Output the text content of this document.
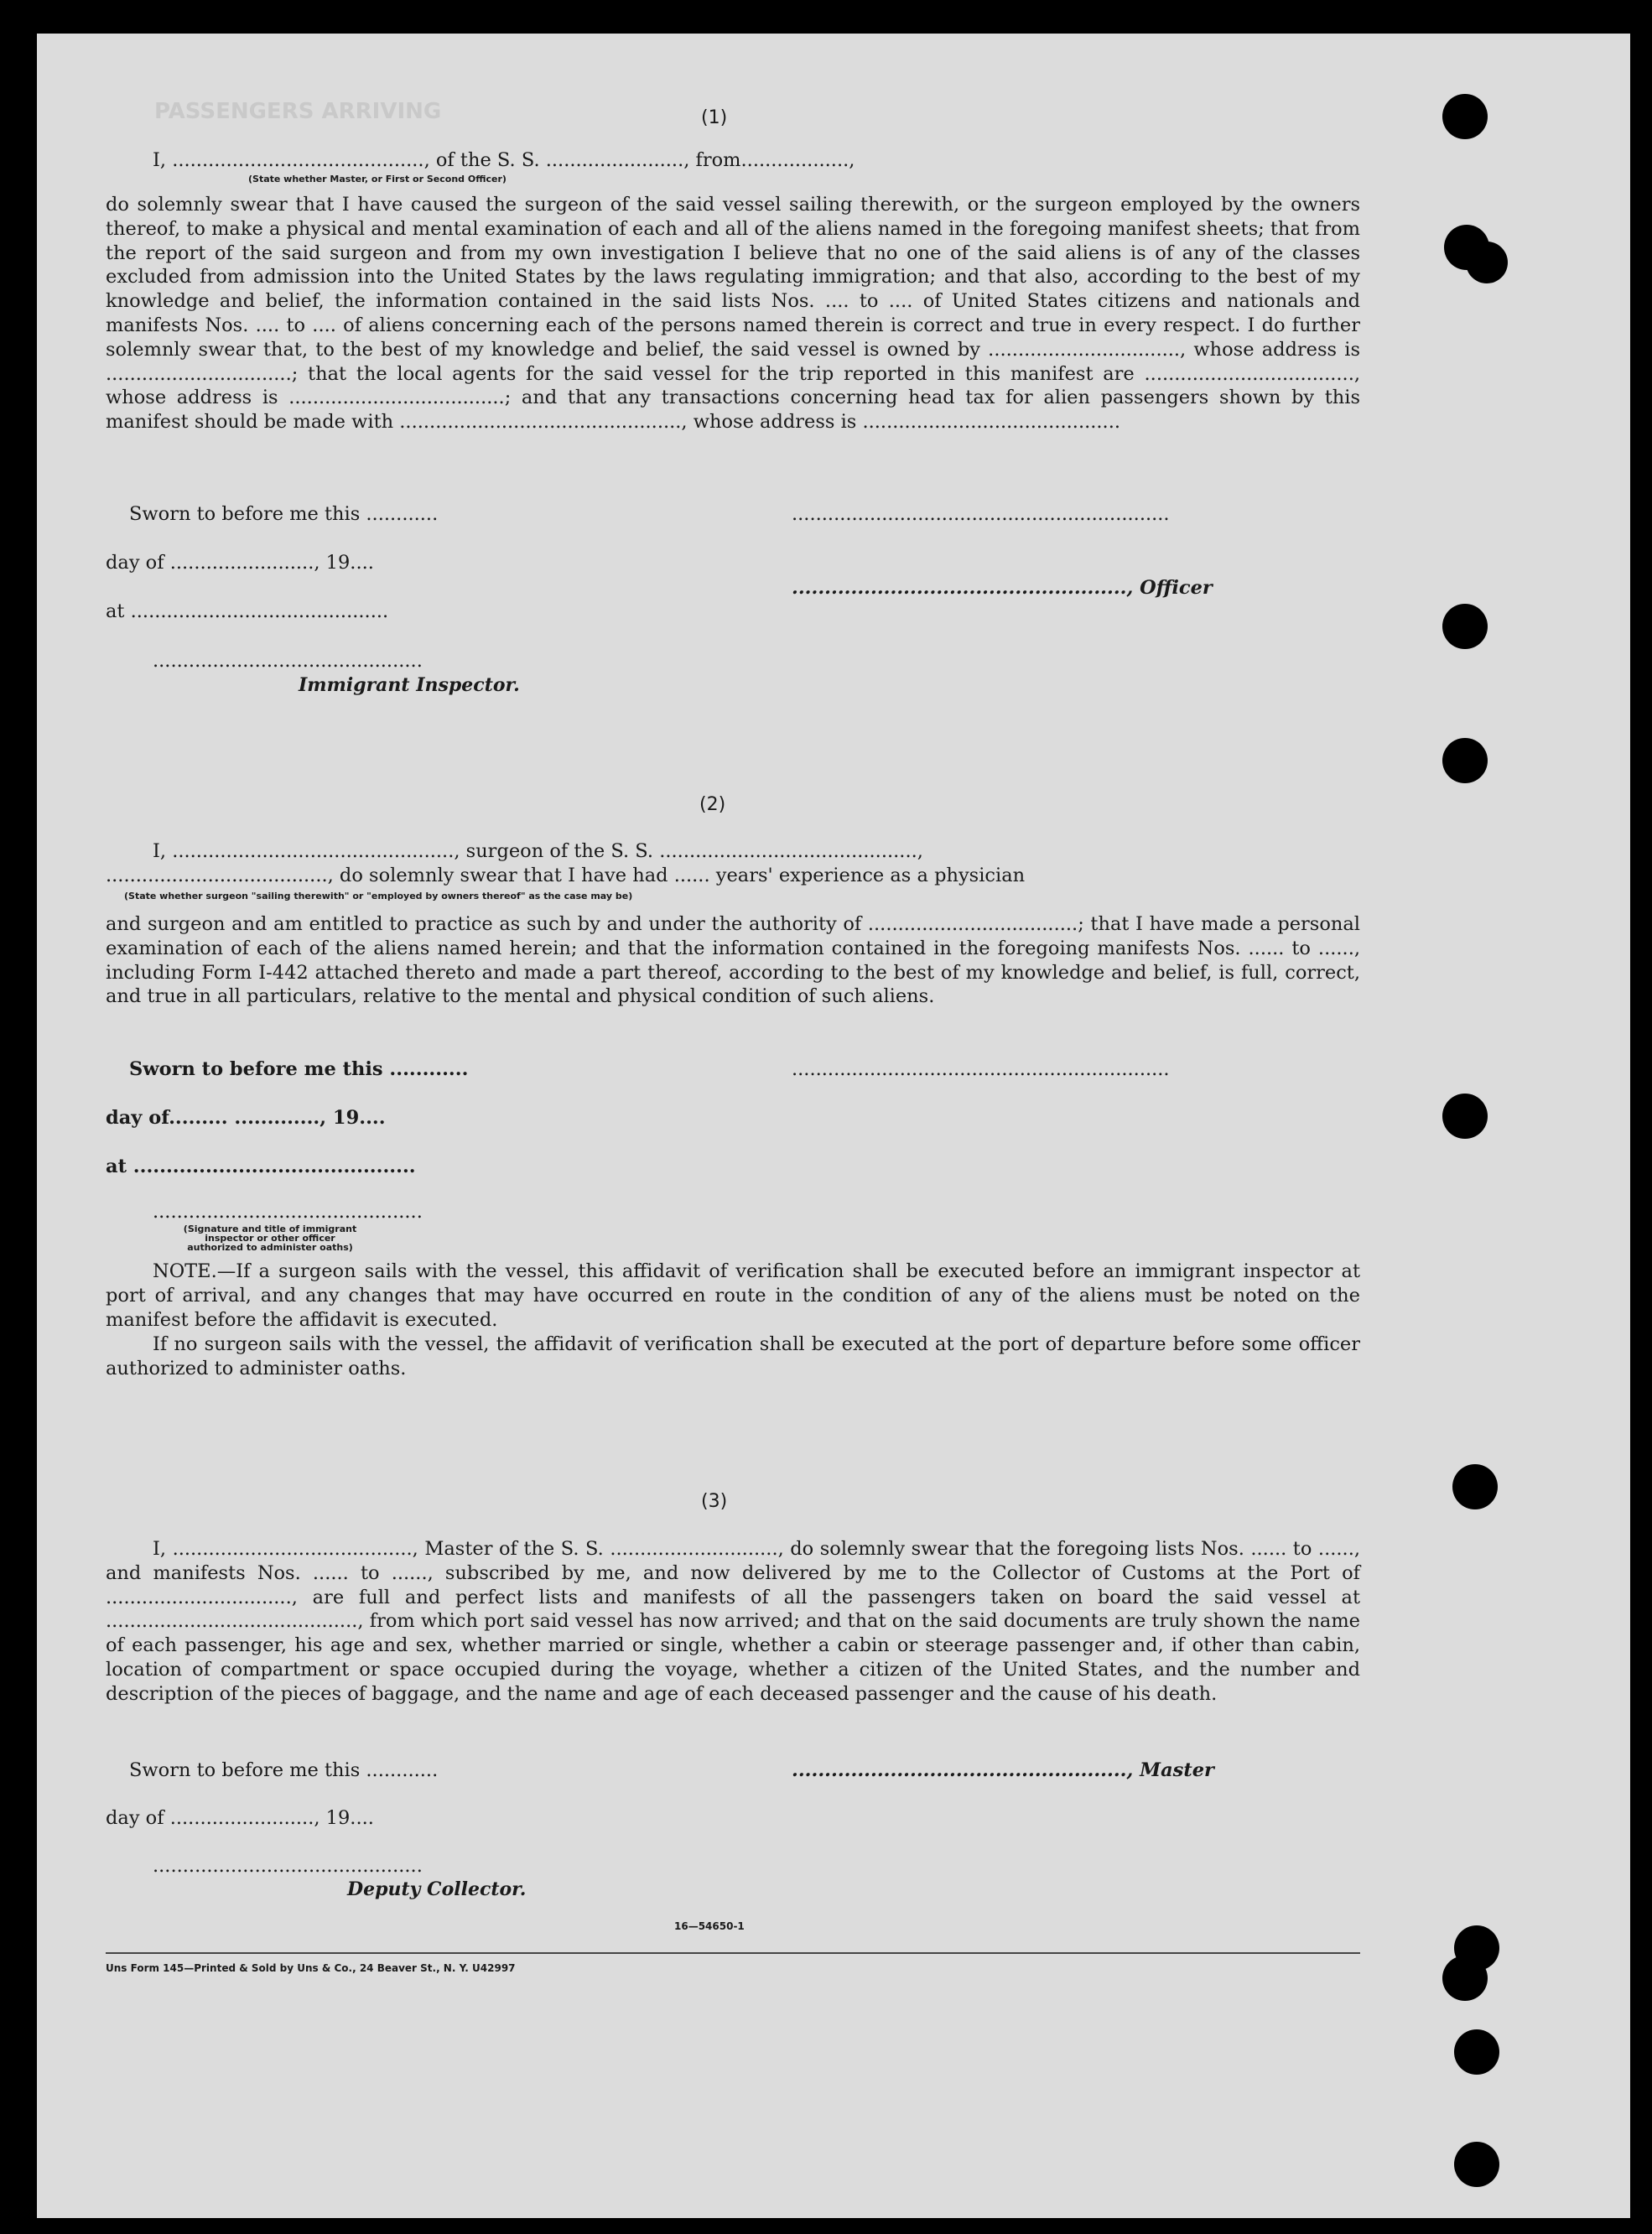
PASSENGERS ARRIVING	(1)
I, .........................................., of the S. S. ......................., from..................,
(State whether Master, or First or Second Officer)

do solemnly swear that I have caused the surgeon of the said vessel sailing therewith, or the surgeon employed by the owners thereof, to make a physical and mental examination of each and all of the aliens named in the foregoing manifest sheets; that from the report of the said surgeon and from my own investigation I believe that no one of the said aliens is of any of the classes excluded from admission into the United States by the laws regulating immigration; and that also, according to the best of my knowledge and belief, the information contained in the said lists Nos. .... to .... of United States citizens and nationals and manifests Nos. .... to .... of aliens concerning each of the persons named therein is correct and true in every respect. I do further solemnly swear that, to the best of my knowledge and belief, the said vessel is owned by ................................, whose address is ...............................; that the local agents for the said vessel for the trip reported in this manifest are ..................................., whose address is ....................................; and that any transactions concerning head tax for alien passengers shown by this manifest should be made with ..............................................., whose address is ...........................................

Sworn to before me this ............
day of ........................, 19....
at ...........................................
.............................................
Immigrant Inspector.
...............................................................
..................................................., Officer
(2)
I, ..............................................., surgeon of the S. S. ...........................................,
....................................., do solemnly swear that I have had ...... years' experience as a physician
(State whether surgeon "sailing therewith" or "employed by owners thereof" as the case may be)

and surgeon and am entitled to practice as such by and under the authority of ...................................; that I have made a personal examination of each of the aliens named herein; and that the information contained in the foregoing manifests Nos. ...... to ......, including Form I-442 attached thereto and made a part thereof, according to the best of my knowledge and belief, is full, correct, and true in all particulars, relative to the mental and physical condition of such aliens.

Sworn to before me this ............
day of......... ............., 19....
at ...........................................
.............................................
(Signature and title of immigrant inspector or other officer authorized to administer oaths)
...............................................................

NOTE.—If a surgeon sails with the vessel, this affidavit of verification shall be executed before an immigrant inspector at port of arrival, and any changes that may have occurred en route in the condition of any of the aliens must be noted on the manifest before the affidavit is executed.

If no surgeon sails with the vessel, the affidavit of verification shall be executed at the port of departure before some officer authorized to administer oaths.

(3)

I, ........................................, Master of the S. S. ............................, do solemnly swear that the foregoing lists Nos. ...... to ......, and manifests Nos. ...... to ......, subscribed by me, and now delivered by me to the Collector of Customs at the Port of ..............................., are full and perfect lists and manifests of all the passengers taken on board the said vessel at .........................................., from which port said vessel has now arrived; and that on the said documents are truly shown the name of each passenger, his age and sex, whether married or single, whether a cabin or steerage passenger and, if other than cabin, location of compartment or space occupied during the voyage, whether a citizen of the United States, and the number and description of the pieces of baggage, and the name and age of each deceased passenger and the cause of his death.

Sworn to before me this ............
day of ........................, 19....
.............................................
Deputy Collector.
..................................................., Master
16—54650-1
Uns Form 145—Printed & Sold by Uns & Co., 24 Beaver St., N. Y. U42997
